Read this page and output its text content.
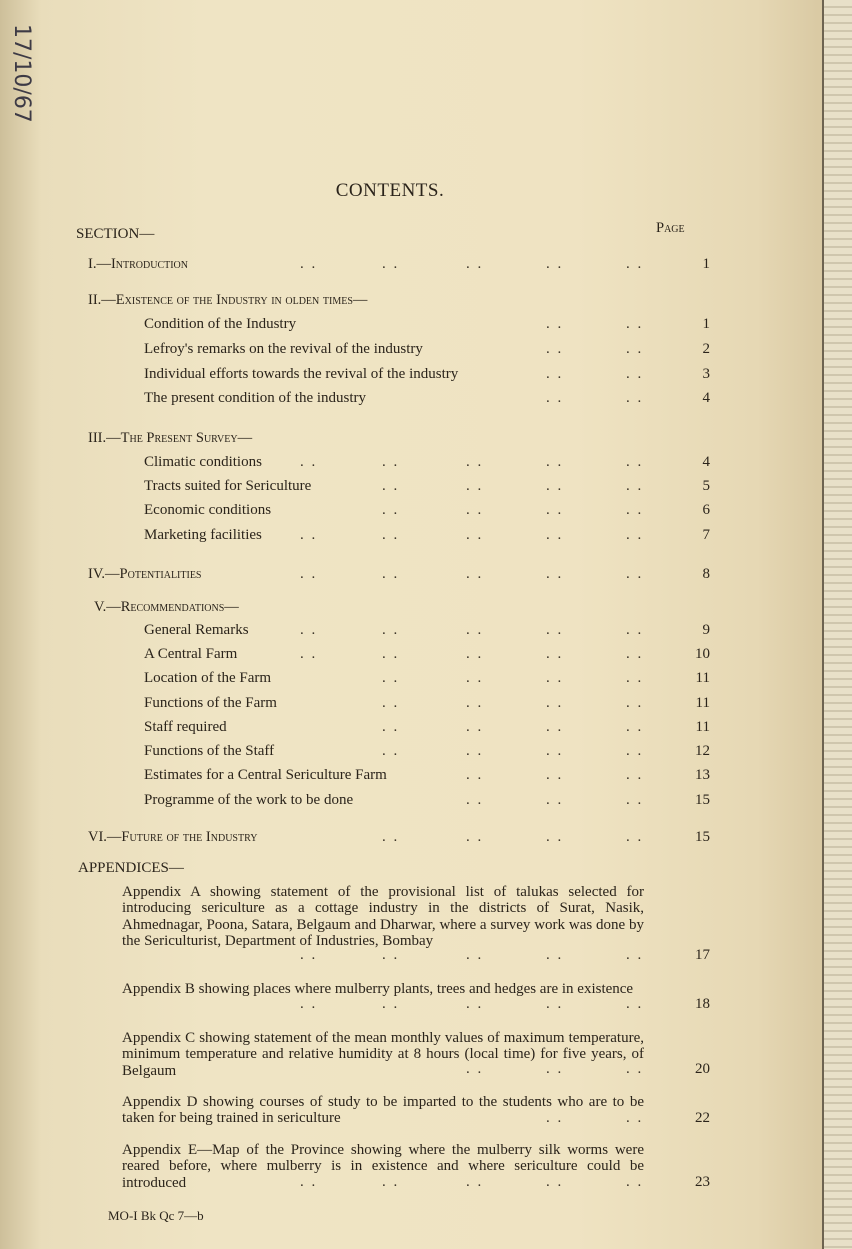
CONTENTS.
SECTION—	Page
I.—Introduction	1
II.—Existence of the Industry in olden times—
Condition of the Industry	1
Lefroy's remarks on the revival of the industry	2
Individual efforts towards the revival of the industry	3
The present condition of the industry	4
III.—The Present Survey—
Climatic conditions	4
Tracts suited for Sericulture	5
Economic conditions	6
Marketing facilities	7
IV.—Potentialities	8
V.—Recommendations—
General Remarks	9
A Central Farm	10
Location of the Farm	11
Functions of the Farm	11
Staff required	11
Functions of the Staff	12
Estimates for a Central Sericulture Farm	13
Programme of the work to be done	15
VI.—Future of the Industry	15
APPENDICES—
Appendix A showing statement of the provisional list of talukas selected for introducing sericulture as a cottage industry in the districts of Surat, Nasik, Ahmednagar, Poona, Satara, Belgaum and Dharwar, where a survey work was done by the Sericulturist, Department of Industries, Bombay
17
Appendix B showing places where mulberry plants, trees and hedges are in existence
18
Appendix C showing statement of the mean monthly values of maximum temperature, minimum temperature and relative humidity at 8 hours (local time) for five years, of Belgaum	20
Appendix D showing courses of study to be imparted to the students who are to be taken for being trained in sericulture	22
Appendix E—Map of the Province showing where the mulberry silk worms were reared before, where mulberry is in existence and where sericulture could be introduced	23
MO-I Bk Qc 7—b
. .	. .	. .	. .	. .
. .	. .
. .	. .
. .	. .
. .	. .
. .	. .	. .	. .	. .
. .	. .	. .	. .
. .	. .	. .	. .
. .	. .	. .	. .	. .
. .	. .	. .	. .	. .
. .	. .	. .	. .	. .
. .	. .	. .	. .	. .
. .	. .	. .	. .
. .	. .	. .	. .
. .	. .	. .	. .
. .	. .	. .	. .
. .	. .	. .
. .	. .	. .
. .	. .	. .	. .
. .	. .	. .	. .	. .
. .	. .	. .	. .	. .
. .	. .	. .
. .	. .
. .	. .	. .	. .	. .
